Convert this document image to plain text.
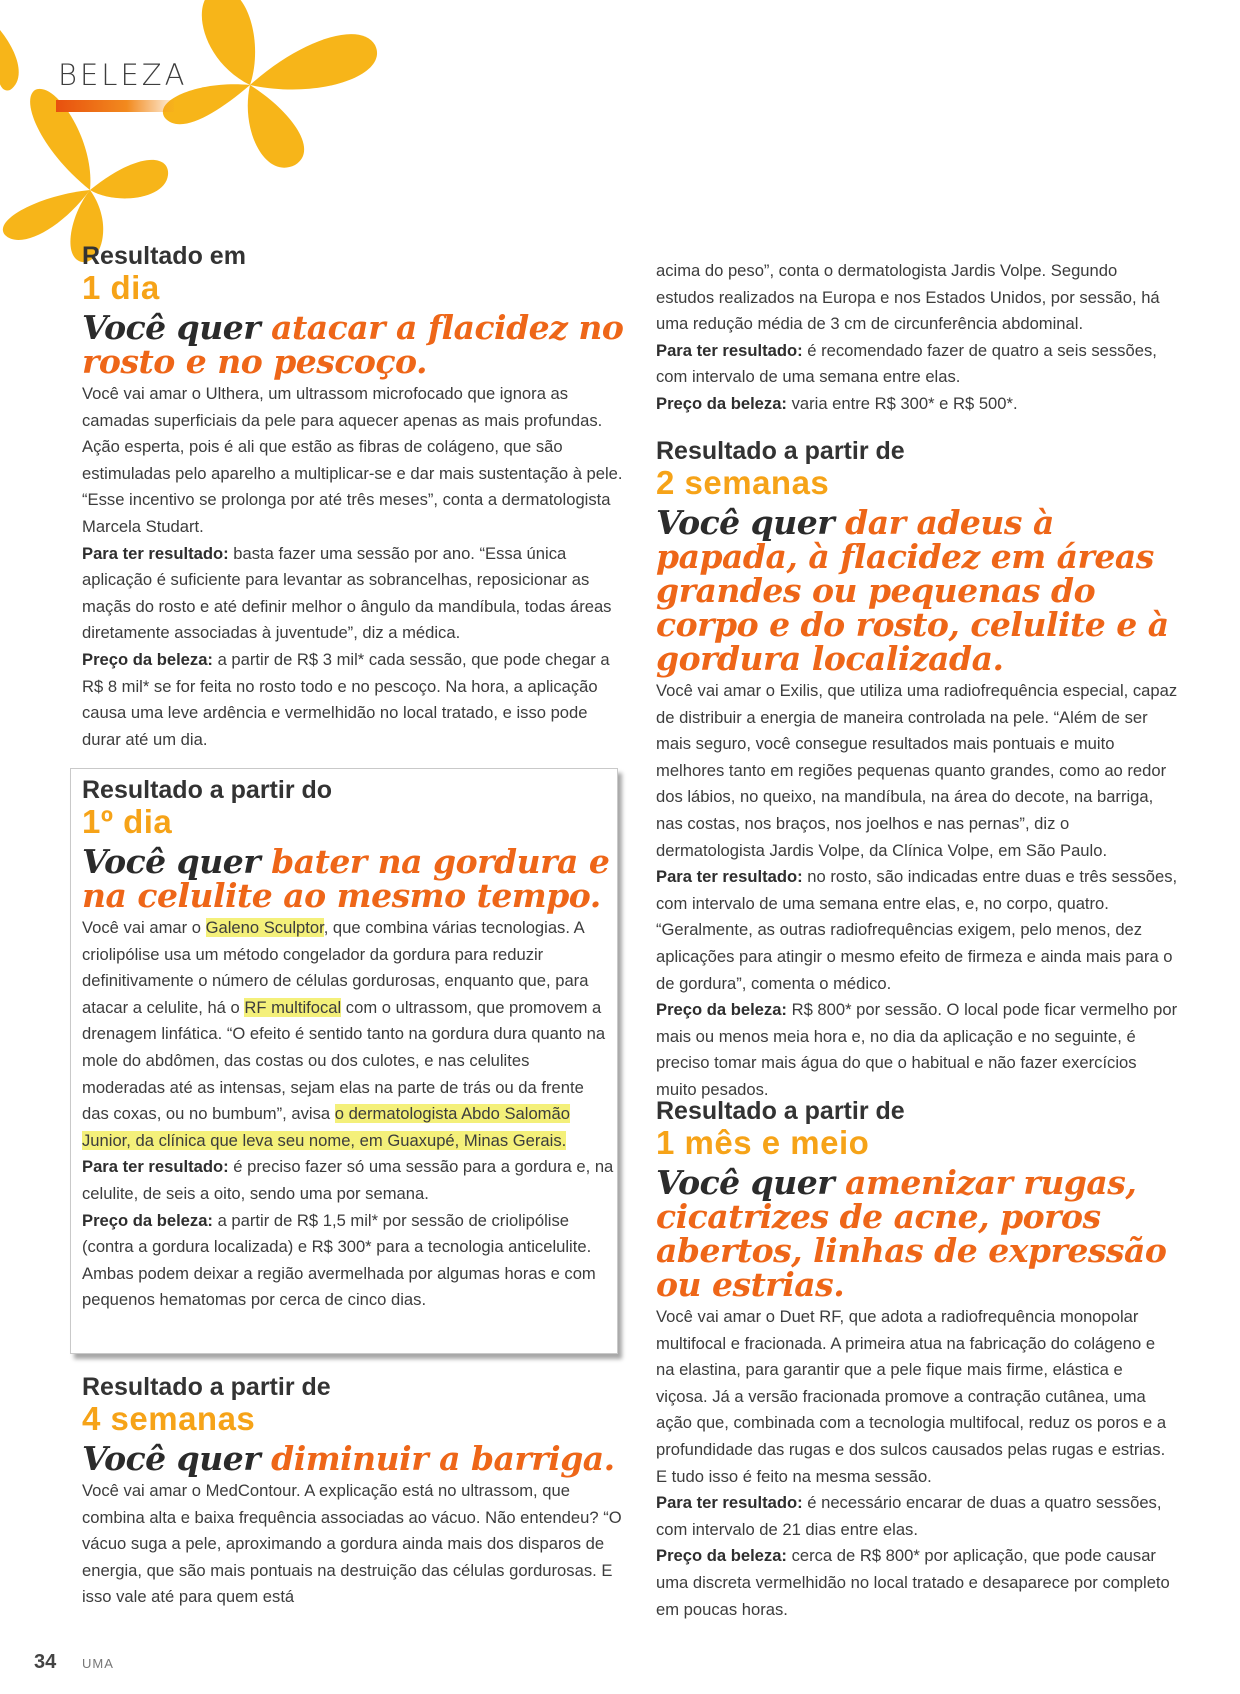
BELEZA
Resultado em
1 dia
Você quer atacar a flacidez no rosto e no pescoço.

Você vai amar o Ulthera, um ultrassom microfocado que ignora as camadas superficiais da pele para aquecer apenas as mais profundas. Ação esperta, pois é ali que estão as fibras de colágeno, que são estimuladas pelo aparelho a multiplicar-se e dar mais sustentação à pele. “Esse incentivo se prolonga por até três meses”, conta a dermatologista Marcela Studart.

Para ter resultado: basta fazer uma sessão por ano. “Essa única aplicação é suficiente para levantar as sobrancelhas, reposicionar as maçãs do rosto e até definir melhor o ângulo da mandíbula, todas áreas diretamente associadas à juventude”, diz a médica.

Preço da beleza: a partir de R$ 3 mil* cada sessão, que pode chegar a R$ 8 mil* se for feita no rosto todo e no pescoço. Na hora, a aplicação causa uma leve ardência e vermelhidão no local tratado, e isso pode durar até um dia.

Resultado a partir do
1º dia
Você quer bater na gordura e na celulite ao mesmo tempo.

Você vai amar o Galeno Sculptor, que combina várias tecnologias. A criolipólise usa um método congelador da gordura para reduzir definitivamente o número de células gordurosas, enquanto que, para atacar a celulite, há o RF multifocal com o ultrassom, que promovem a drenagem linfática. “O efeito é sentido tanto na gordura dura quanto na mole do abdômen, das costas ou dos culotes, e nas celulites moderadas até as intensas, sejam elas na parte de trás ou da frente das coxas, ou no bumbum”, avisa o dermatologista Abdo Salomão Junior, da clínica que leva seu nome, em Guaxupé, Minas Gerais.

Para ter resultado: é preciso fazer só uma sessão para a gordura e, na celulite, de seis a oito, sendo uma por semana.

Preço da beleza: a partir de R$ 1,5 mil* por sessão de criolipólise (contra a gordura localizada) e R$ 300* para a tecnologia anticelulite. Ambas podem deixar a região avermelhada por algumas horas e com pequenos hematomas por cerca de cinco dias.

Resultado a partir de
4 semanas
Você quer diminuir a barriga.

Você vai amar o MedContour. A explicação está no ultrassom, que combina alta e baixa frequência associadas ao vácuo. Não entendeu? “O vácuo suga a pele, aproximando a gordura ainda mais dos disparos de energia, que são mais pontuais na destruição das células gordurosas. E isso vale até para quem está

acima do peso”, conta o dermatologista Jardis Volpe. Segundo estudos realizados na Europa e nos Estados Unidos, por sessão, há uma redução média de 3 cm de circunferência abdominal.

Para ter resultado: é recomendado fazer de quatro a seis sessões, com intervalo de uma semana entre elas.

Preço da beleza: varia entre R$ 300* e R$ 500*.

Resultado a partir de
2 semanas
Você quer dar adeus à papada, à flacidez em áreas grandes ou pequenas do corpo e do rosto, celulite e à gordura localizada.

Você vai amar o Exilis, que utiliza uma radiofrequência especial, capaz de distribuir a energia de maneira controlada na pele. “Além de ser mais seguro, você consegue resultados mais pontuais e muito melhores tanto em regiões pequenas quanto grandes, como ao redor dos lábios, no queixo, na mandíbula, na área do decote, na barriga, nas costas, nos braços, nos joelhos e nas pernas”, diz o dermatologista Jardis Volpe, da Clínica Volpe, em São Paulo.

Para ter resultado: no rosto, são indicadas entre duas e três sessões, com intervalo de uma semana entre elas, e, no corpo, quatro. “Geralmente, as outras radiofrequências exigem, pelo menos, dez aplicações para atingir o mesmo efeito de firmeza e ainda mais para o de gordura”, comenta o médico.

Preço da beleza: R$ 800* por sessão. O local pode ficar vermelho por mais ou menos meia hora e, no dia da aplicação e no seguinte, é preciso tomar mais água do que o habitual e não fazer exercícios muito pesados.

Resultado a partir de
1 mês e meio
Você quer amenizar rugas, cicatrizes de acne, poros abertos, linhas de expressão ou estrias.

Você vai amar o Duet RF, que adota a radiofrequência monopolar multifocal e fracionada. A primeira atua na fabricação do colágeno e na elastina, para garantir que a pele fique mais firme, elástica e viçosa. Já a versão fracionada promove a contração cutânea, uma ação que, combinada com a tecnologia multifocal, reduz os poros e a profundidade das rugas e dos sulcos causados pelas rugas e estrias. E tudo isso é feito na mesma sessão.

Para ter resultado: é necessário encarar de duas a quatro sessões, com intervalo de 21 dias entre elas.

Preço da beleza: cerca de R$ 800* por aplicação, que pode causar uma discreta vermelhidão no local tratado e desaparece por completo em poucas horas.

34 UMA
